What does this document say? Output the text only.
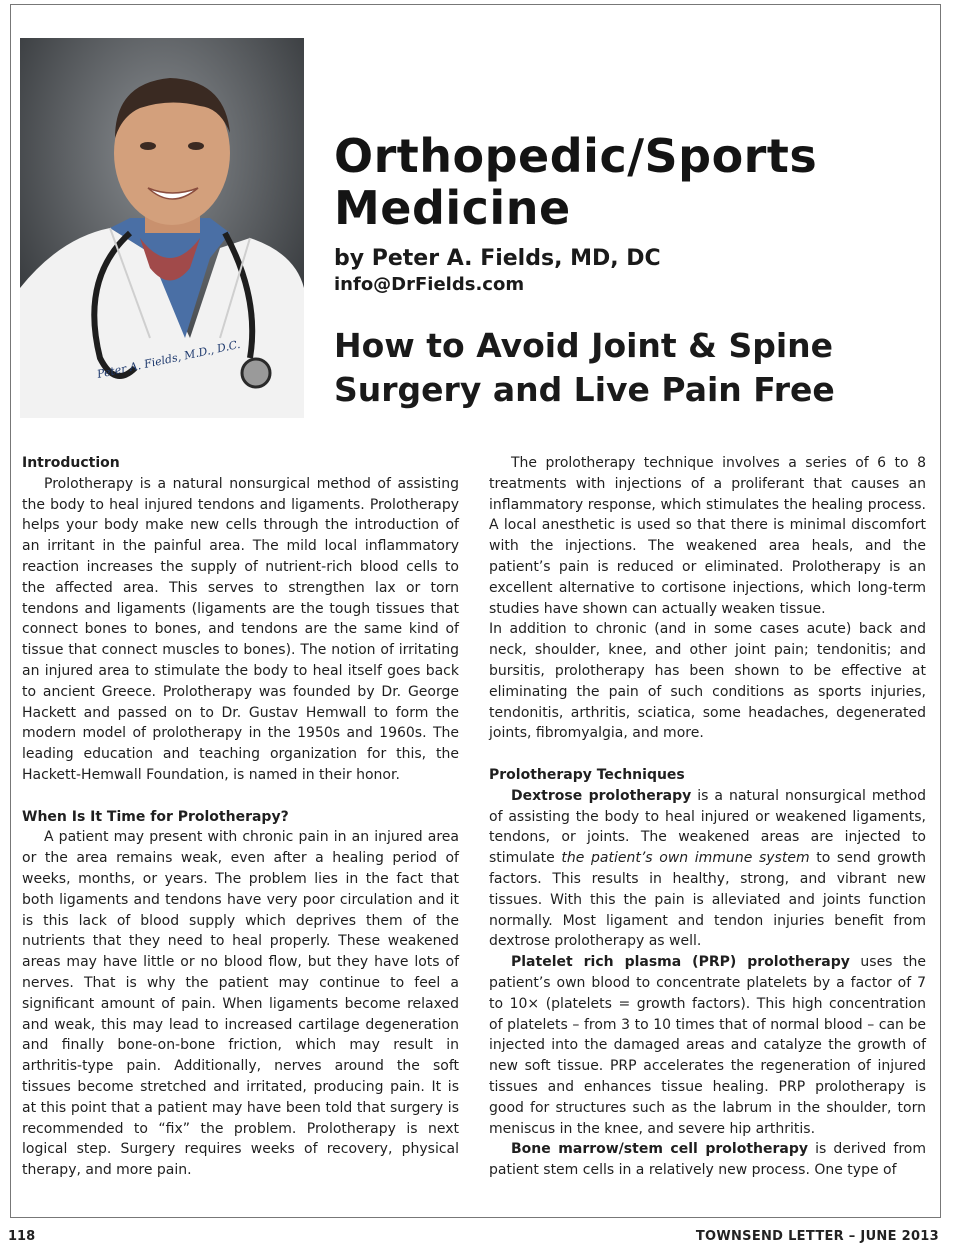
Peter A. Fields, M.D., D.C.
Orthopedic/Sports Medicine

by Peter A. Fields, MD, DC

info@DrFields.com

How to Avoid Joint & Spine Surgery and Live Pain Free
Introduction

Prolotherapy is a natural nonsurgical method of assisting the body to heal injured tendons and ligaments. Prolotherapy helps your body make new cells through the introduction of an irritant in the painful area. The mild local inflammatory reaction increases the supply of nutrient-rich blood cells to the affected area. This serves to strengthen lax or torn tendons and ligaments (ligaments are the tough tissues that connect bones to bones, and tendons are the same kind of tissue that connect muscles to bones). The notion of irritating an injured area to stimulate the body to heal itself goes back to ancient Greece. Prolotherapy was founded by Dr. George Hackett and passed on to Dr. Gustav Hemwall to form the modern model of prolotherapy in the 1950s and 1960s. The leading education and teaching organization for this, the Hackett-Hemwall Foundation, is named in their honor.

When Is It Time for Prolotherapy?

A patient may present with chronic pain in an injured area or the area remains weak, even after a healing period of weeks, months, or years. The problem lies in the fact that both ligaments and tendons have very poor circulation and it is this lack of blood supply which deprives them of the nutrients that they need to heal properly. These weakened areas may have little or no blood flow, but they have lots of nerves. That is why the patient may continue to feel a significant amount of pain. When ligaments become relaxed and weak, this may lead to increased cartilage degeneration and finally bone-on-bone friction, which may result in arthritis-type pain. Additionally, nerves around the soft tissues become stretched and irritated, producing pain. It is at this point that a patient may have been told that surgery is recommended to “fix” the problem. Prolotherapy is next logical step. Surgery requires weeks of recovery, physical therapy, and more pain.

The prolotherapy technique involves a series of 6 to 8 treatments with injections of a proliferant that causes an inflammatory response, which stimulates the healing process. A local anesthetic is used so that there is minimal discomfort with the injections. The weakened area heals, and the patient’s pain is reduced or eliminated. Prolotherapy is an excellent alternative to cortisone injections, which long-term studies have shown can actually weaken tissue.

In addition to chronic (and in some cases acute) back and neck, shoulder, knee, and other joint pain; tendonitis; and bursitis, prolotherapy has been shown to be effective at eliminating the pain of such conditions as sports injuries, tendonitis, arthritis, sciatica, some headaches, degenerated joints, fibromyalgia, and more.

Prolotherapy Techniques

Dextrose prolotherapy is a natural nonsurgical method of assisting the body to heal injured or weakened ligaments, tendons, or joints. The weakened areas are injected to stimulate the patient’s own immune system to send growth factors. This results in healthy, strong, and vibrant new tissues. With this the pain is alleviated and joints function normally. Most ligament and tendon injuries benefit from dextrose prolotherapy as well.

Platelet rich plasma (PRP) prolotherapy uses the patient’s own blood to concentrate platelets by a factor of 7 to 10× (platelets = growth factors). This high concentration of platelets – from 3 to 10 times that of normal blood – can be injected into the damaged areas and catalyze the growth of new soft tissue. PRP accelerates the regeneration of injured tissues and enhances tissue healing. PRP prolotherapy is good for structures such as the labrum in the shoulder, torn meniscus in the knee, and severe hip arthritis.

Bone marrow/stem cell prolotherapy is derived from patient stem cells in a relatively new process. One type of

118	TOWNSEND LETTER – JUNE 2013
